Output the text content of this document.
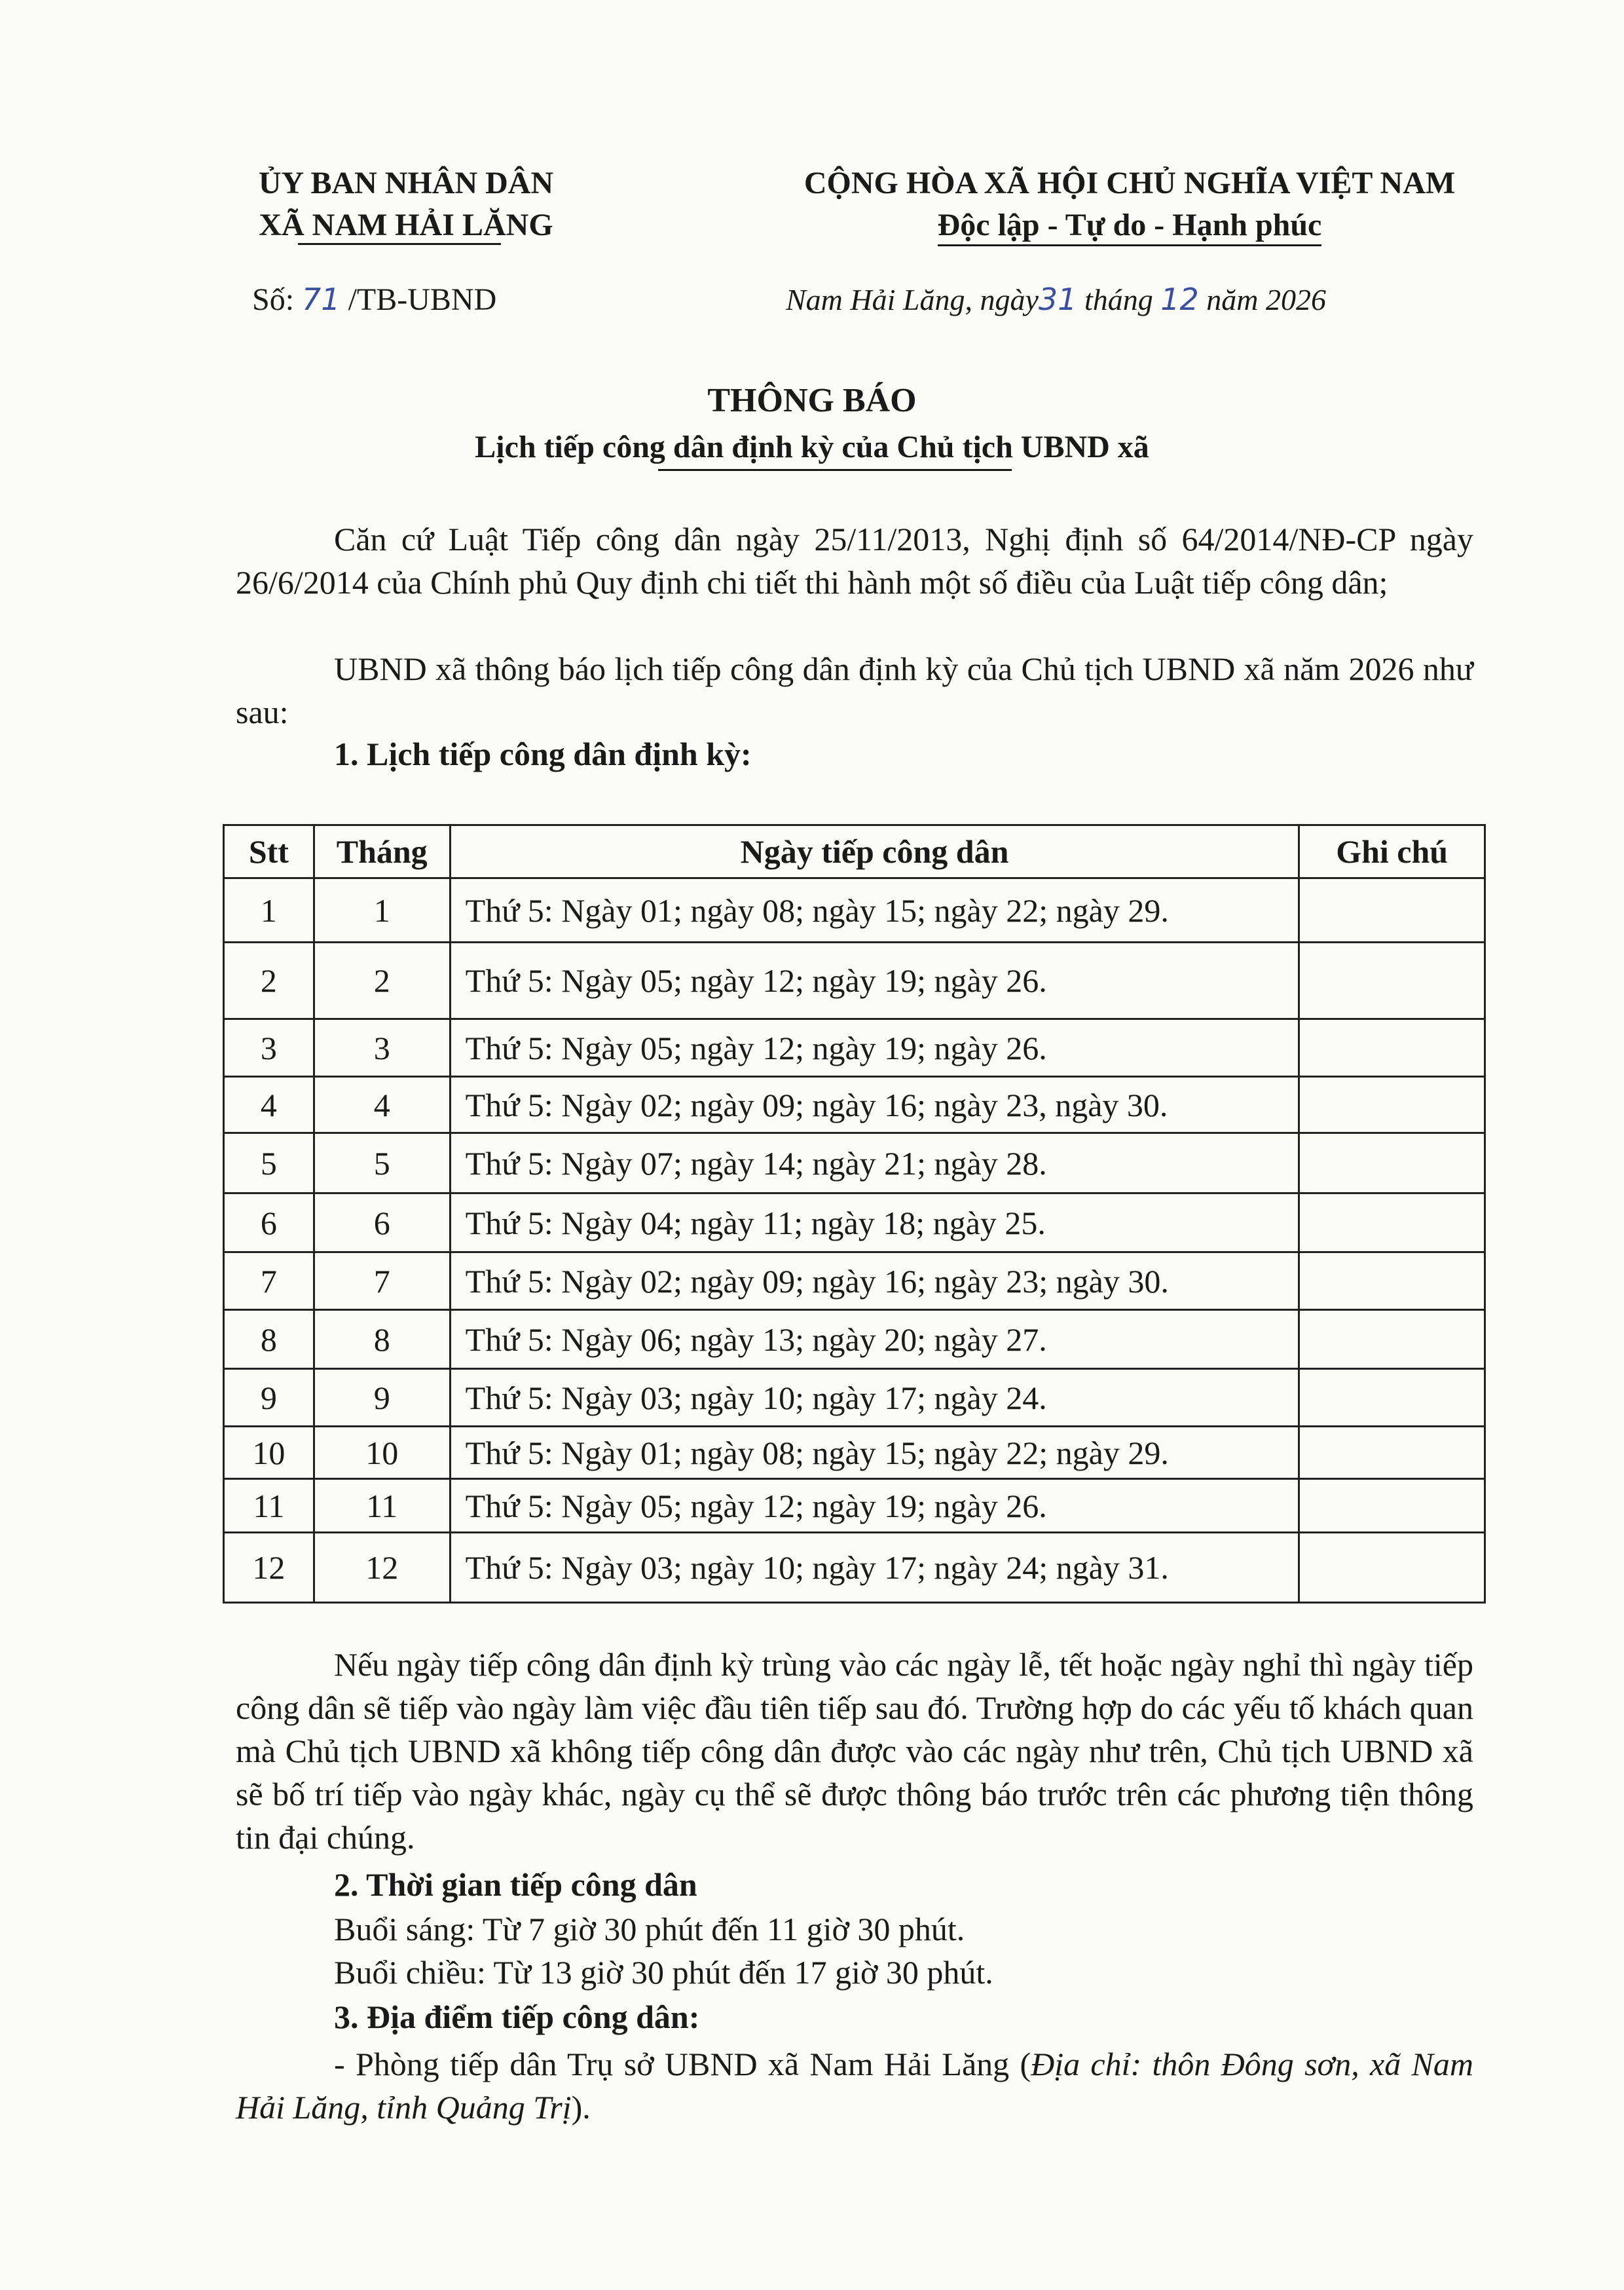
ỦY BAN NHÂN DÂN
XÃ NAM HẢI LĂNG
CỘNG HÒA XÃ HỘI CHỦ NGHĨA VIỆT NAM
Độc lập - Tự do - Hạnh phúc
Số: 71 /TB-UBND	Nam Hải Lăng, ngày31 tháng 12 năm 2026
THÔNG BÁO
Lịch tiếp công dân định kỳ của Chủ tịch UBND xã
Căn cứ Luật Tiếp công dân ngày 25/11/2013, Nghị định số 64/2014/NĐ-CP ngày 26/6/2014 của Chính phủ Quy định chi tiết thi hành một số điều của Luật tiếp công dân;
UBND xã thông báo lịch tiếp công dân định kỳ của Chủ tịch UBND xã năm 2026 như sau:
1. Lịch tiếp công dân định kỳ:
Stt	Tháng	Ngày tiếp công dân	Ghi chú
1	1	Thứ 5: Ngày 01; ngày 08; ngày 15; ngày 22; ngày 29.	
2	2	Thứ 5: Ngày 05; ngày 12; ngày 19; ngày 26.	
3	3	Thứ 5: Ngày 05; ngày 12; ngày 19; ngày 26.	
4	4	Thứ 5: Ngày 02; ngày 09; ngày 16; ngày 23, ngày 30.	
5	5	Thứ 5: Ngày 07; ngày 14; ngày 21; ngày 28.	
6	6	Thứ 5: Ngày 04; ngày 11; ngày 18; ngày 25.	
7	7	Thứ 5: Ngày 02; ngày 09; ngày 16; ngày 23; ngày 30.	
8	8	Thứ 5: Ngày 06; ngày 13; ngày 20; ngày 27.	
9	9	Thứ 5: Ngày 03; ngày 10; ngày 17; ngày 24.	
10	10	Thứ 5: Ngày 01; ngày 08; ngày 15; ngày 22; ngày 29.	
11	11	Thứ 5: Ngày 05; ngày 12; ngày 19; ngày 26.	
12	12	Thứ 5: Ngày 03; ngày 10; ngày 17; ngày 24; ngày 31.	
Nếu ngày tiếp công dân định kỳ trùng vào các ngày lễ, tết hoặc ngày nghỉ thì ngày tiếp công dân sẽ tiếp vào ngày làm việc đầu tiên tiếp sau đó. Trường hợp do các yếu tố khách quan mà Chủ tịch UBND xã không tiếp công dân được vào các ngày như trên, Chủ tịch UBND xã sẽ bố trí tiếp vào ngày khác, ngày cụ thể sẽ được thông báo trước trên các phương tiện thông tin đại chúng.
2. Thời gian tiếp công dân
Buổi sáng: Từ 7 giờ 30 phút đến 11 giờ 30 phút.
Buổi chiều: Từ 13 giờ 30 phút đến 17 giờ 30 phút.
3. Địa điểm tiếp công dân:
- Phòng tiếp dân Trụ sở UBND xã Nam Hải Lăng (Địa chỉ: thôn Đông sơn, xã Nam Hải Lăng, tỉnh Quảng Trị).
